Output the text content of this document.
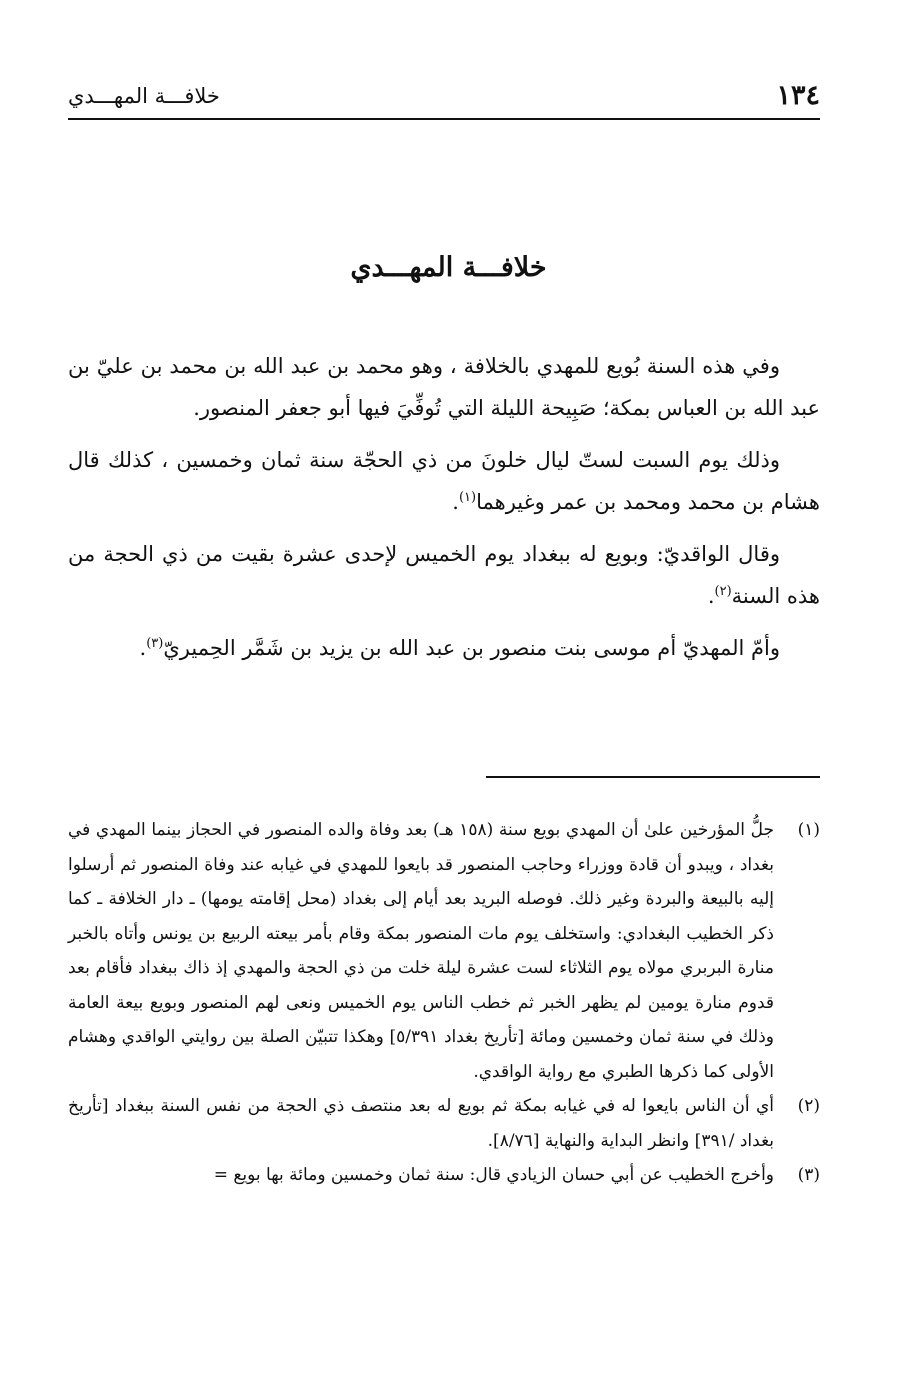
١٣٤
خلافـــة المهـــدي
خلافـــة المهـــدي

وفي هذه السنة بُويع للمهدي بالخلافة ، وهو محمد بن عبد الله بن محمد بن عليّ بن عبد الله بن العباس بمكة؛ صَبِيحة الليلة التي تُوفِّيَ فيها أبو جعفر المنصور.

وذلك يوم السبت لستّ ليال خلونَ من ذي الحجّة سنة ثمان وخمسين ، كذلك قال هشام بن محمد ومحمد بن عمر وغيرهما$^{(١)}$.

وقال الواقديّ: وبويع له ببغداد يوم الخميس لإحدى عشرة بقيت من ذي الحجة من هذه السنة$^{(٢)}$.

وأمّ المهديّ أم موسى بنت منصور بن عبد الله بن يزيد بن شَمَّر الحِميريّ$^{(٣)}$.

(١)
جلُّ المؤرخين علىٰ أن المهدي بويع سنة (١٥٨ هـ) بعد وفاة والده المنصور في الحجاز بينما المهدي في بغداد ، ويبدو أن قادة ووزراء وحاجب المنصور قد بايعوا للمهدي في غيابه عند وفاة المنصور ثم أرسلوا إليه بالبيعة والبردة وغير ذلك. فوصله البريد بعد أيام إلى بغداد (محل إقامته يومها) ـ دار الخلافة ـ كما ذكر الخطيب البغدادي: واستخلف يوم مات المنصور بمكة وقام بأمر بيعته الربيع بن يونس وأتاه بالخبر منارة البربري مولاه يوم الثلاثاء لست عشرة ليلة خلت من ذي الحجة والمهدي إذ ذاك ببغداد فأقام بعد قدوم منارة يومين لم يظهر الخبر ثم خطب الناس يوم الخميس ونعى لهم المنصور وبويع بيعة العامة وذلك في سنة ثمان وخمسين ومائة [تأريخ بغداد ٥/٣٩١] وهكذا تتبيّن الصلة بين روايتي الواقدي وهشام الأولى كما ذكرها الطبري مع رواية الواقدي.
(٢)
أي أن الناس بايعوا له في غيابه بمكة ثم بويع له بعد منتصف ذي الحجة من نفس السنة ببغداد [تأريخ بغداد /٣٩١] وانظر البداية والنهاية [٨/٧٦].
(٣)
وأخرج الخطيب عن أبي حسان الزيادي قال: سنة ثمان وخمسين ومائة بها بويع =
